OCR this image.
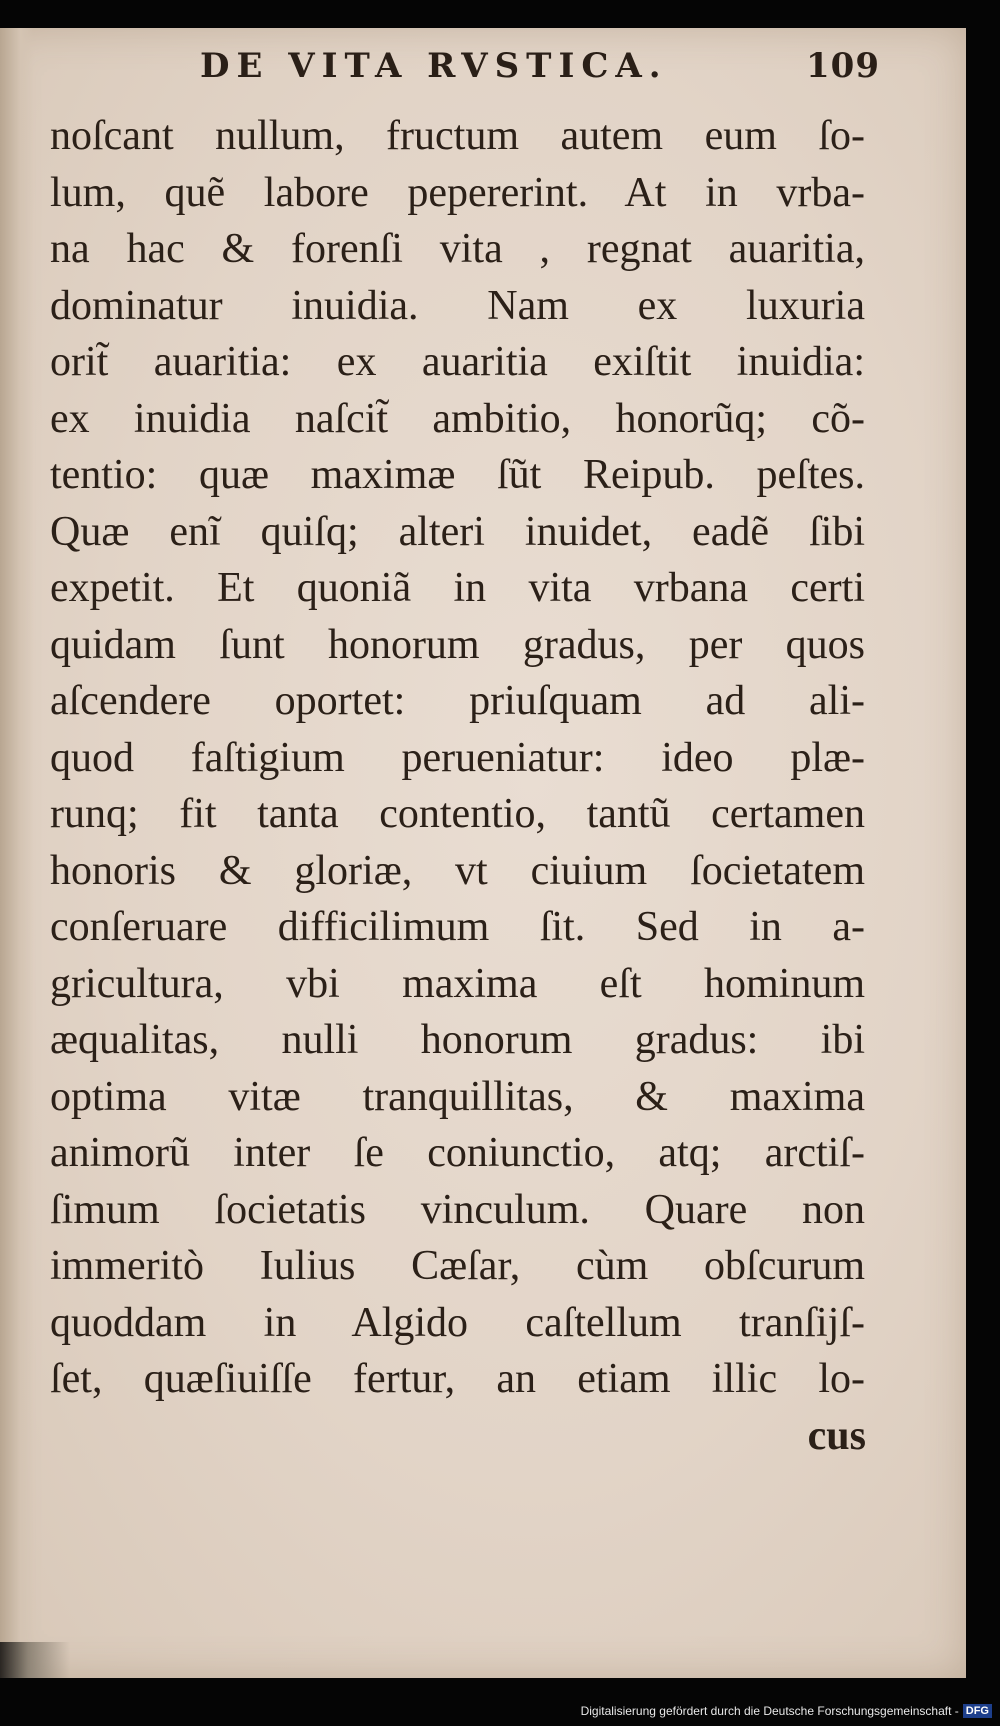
DE VITA RVSTICA.	109
noſcant nullum, fructum autem eum ſo-
lum, quẽ labore pepererint. At in vrba-
na hac & forenſi vita , regnat auaritia,
dominatur inuidia. Nam ex luxuria
orit̃ auaritia: ex auaritia exiſtit inuidia:
ex inuidia naſcit̃ ambitio, honorũq; cõ-
tentio: quæ maximæ ſũt Reipub. peſtes.
Quæ enĩ quiſq; alteri inuidet, eadẽ ſibi
expetit. Et quoniã in vita vrbana certi
quidam ſunt honorum gradus, per quos
aſcendere oportet: priuſquam ad ali-
quod faſtigium perueniatur: ideo plæ-
runq; fit tanta contentio, tantũ certamen
honoris & gloriæ, vt ciuium ſocietatem
conſeruare difficilimum ſit. Sed in a-
gricultura, vbi maxima eſt hominum
æqualitas, nulli honorum gradus: ibi
optima vitæ tranquillitas, & maxima
animorũ inter ſe coniunctio, atq; arctiſ-
ſimum ſocietatis vinculum. Quare non
immeritò Iulius Cæſar, cùm obſcurum
quoddam in Algido caſtellum tranſijſ-
ſet, quæſiuiſſe fertur, an etiam illic lo-
cus
Digitalisierung gefördert durch die Deutsche Forschungsgemeinschaft - DFG
